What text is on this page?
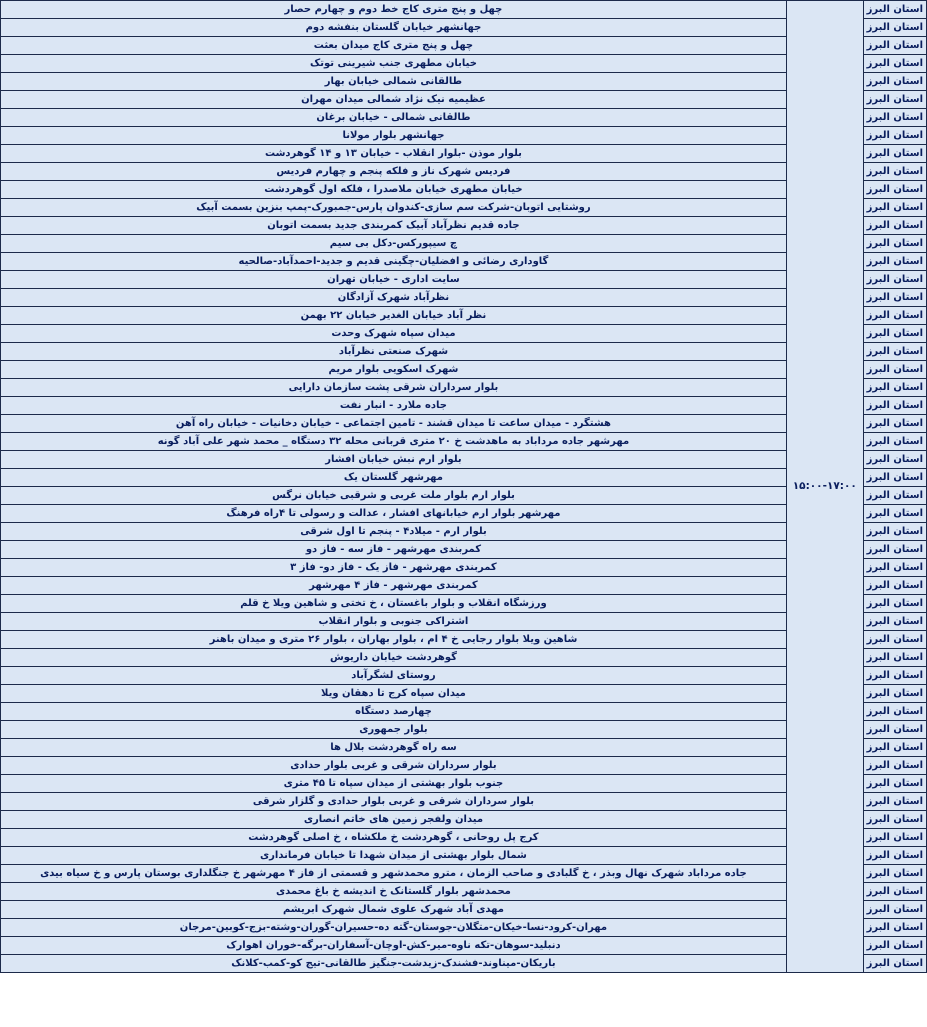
استان البرز	۱۵:۰۰-۱۷:۰۰	چهل و پنج متری کاج خط دوم و چهارم حصار
استان البرز		جهانشهر خیابان گلستان بنفشه دوم
استان البرز		چهل و پنج متری کاج میدان بعثت
استان البرز		خیابان مطهری جنب شیرینی توتک
استان البرز		طالقانی شمالی خیابان بهار
استان البرز		عظیمیه نیک نژاد شمالی میدان مهران
استان البرز		طالقانی شمالی - خیابان برغان
استان البرز		جهانشهر بلوار مولانا
استان البرز		بلوار موذن -بلوار انقلاب - خیابان ۱۳ و ۱۴ گوهردشت
استان البرز		فردیس شهرک ناز و فلکه پنجم و چهارم فردیس
استان البرز		خیابان مطهری خیابان ملاصدرا ، فلکه اول گوهردشت
استان البرز		روشتایی اتوبان-شرکت سم سازی-کندوان پارس-جمبورک-پمپ بنزین بسمت آبیک
استان البرز		جاده قدیم نظرآباد آبیک کمربندی جدید بسمت اتوبان
استان البرز		چ سیپورکس-دکل بی سیم
استان البرز		گاوداری رضائی و افضلیان-چگینی قدیم و جدید-احمدآباد-صالحیه
استان البرز		سایت اداری - خیابان تهران
استان البرز		نظرآباد شهرک آزادگان
استان البرز		نظر آباد خیابان الغدیر خیابان ۲۲ بهمن
استان البرز		میدان سپاه شهرک وحدت
استان البرز		شهرک صنعتی نظرآباد
استان البرز		شهرک اسکویی بلوار مریم
استان البرز		بلوار سرداران شرقی پشت سازمان دارایی
استان البرز		جاده ملارد - انبار نفت
استان البرز		هشتگرد - میدان ساعت تا میدان قشند - تامین اجتماعی - خیابان دخانیات - خیابان راه آهن
استان البرز		مهرشهر جاده مرداباد به ماهدشت خ ۲۰ متری قربانی محله ۳۲ دستگاه _ محمد شهر علی آباد گونه
استان البرز		بلوار ارم نبش خیابان افشار
استان البرز		مهرشهر گلستان یک
استان البرز		بلوار ارم بلوار ملت غربی و شرقبی خیابان نرگس
استان البرز		مهرشهر بلوار ارم خیابانهای افشار ، عدالت و رسولی تا ۴راه فرهنگ
استان البرز		بلوار ارم - میلاد۴ - پنجم تا اول شرقی
استان البرز		کمربندی مهرشهر - فاز سه - فاز دو
استان البرز		کمربندی مهرشهر - فاز یک - فاز دو- فاز ۳
استان البرز		کمربندی مهرشهر - فاز ۴ مهرشهر
استان البرز		ورزشگاه انقلاب و بلوار باغستان ، خ تختی و شاهین ویلا خ قلم
استان البرز		اشتراکی جنوبی و بلوار انقلاب
استان البرز		شاهین ویلا بلوار رجایی خ ۴ ام ، بلوار بهاران ، بلوار ۲۶ متری و میدان باهنر
استان البرز		گوهردشت خیابان داریوش
استان البرز		روستای لشگرآباد
استان البرز		میدان سپاه کرج تا دهقان ویلا
استان البرز		چهارصد دستگاه
استان البرز		بلوار جمهوری
استان البرز		سه راه گوهردشت بلال ها
استان البرز		بلوار سرداران شرقی و غربی بلوار حدادی
استان البرز		جنوب بلوار بهشتی از میدان سپاه تا ۴۵ متری
استان البرز		بلوار سرداران شرقی و غربی بلوار حدادی و گلزار شرقی
استان البرز		میدان ولفجر زمین های خاتم انصاری
استان البرز		کرج پل روحانی ، گوهردشت خ ملکشاه ، خ اصلی گوهردشت
استان البرز		شمال بلوار بهشتی از میدان شهدا تا خیابان فرمانداری
استان البرز		جاده مرداباد شهرک نهال وبذر ، خ گلبادی و صاحب الزمان ، مترو محمدشهر و قسمتی از فاز ۴ مهرشهر خ جنگلداری بوستان پارس و خ سیاه بیدی
استان البرز		محمدشهر بلوار گلستانک خ اندیشه خ باغ محمدی
استان البرز		مهدی آباد شهرک علوی شمال شهرک ابریشم
استان البرز		مهران-کرود-نسا-خیکان-متگلان-جوستان-گته ده-حسیران-گوران-وشته-بزج-کوبین-مرجان
استان البرز		دنبلید-سوهان-تکه ناوه-میر-کش-اوچان-آسفاران-برگه-خوران اهوارک
استان البرز		باریکان-میناوند-فشندک-زیدشت-جنگیز طالقانی-تیج کو-کمب-کلانک
